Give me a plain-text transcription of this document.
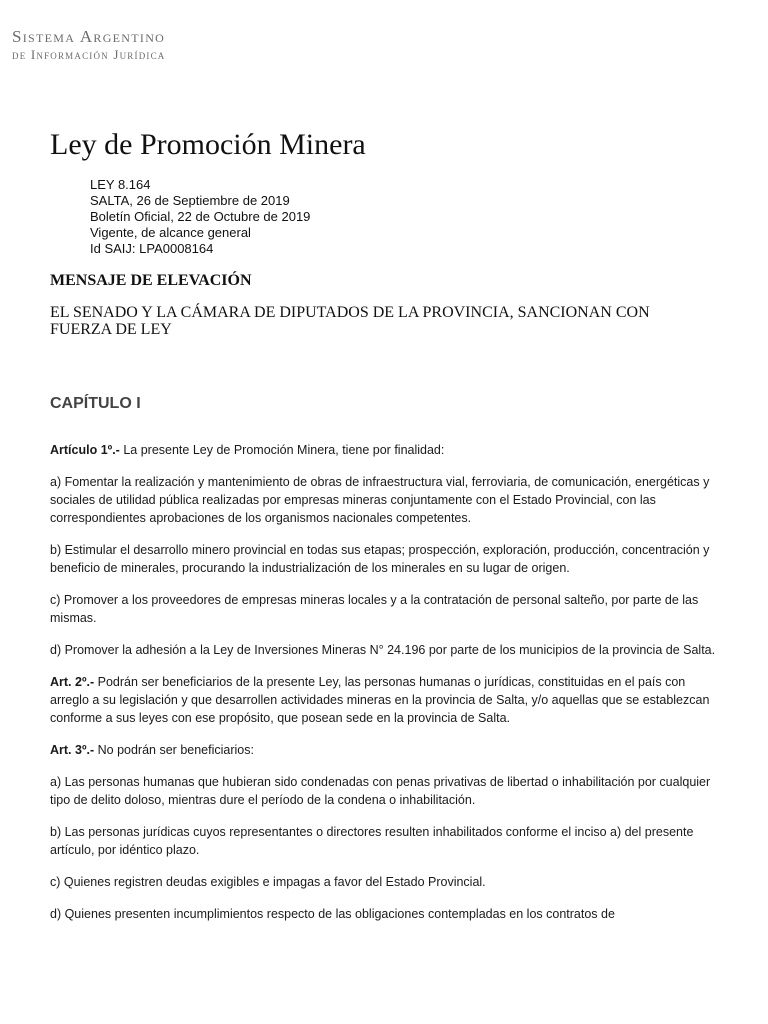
Sistema Argentino
de Información Jurídica
Ley de Promoción Minera
LEY 8.164
SALTA, 26 de Septiembre de 2019
Boletín Oficial, 22 de Octubre de 2019
Vigente, de alcance general
Id SAIJ: LPA0008164
MENSAJE DE ELEVACIÓN

EL SENADO Y LA CÁMARA DE DIPUTADOS DE LA PROVINCIA, SANCIONAN CON FUERZA DE LEY

CAPÍTULO I

Artículo 1º.- La presente Ley de Promoción Minera, tiene por finalidad:

a) Fomentar la realización y mantenimiento de obras de infraestructura vial, ferroviaria, de comunicación, energéticas y sociales de utilidad pública realizadas por empresas mineras conjuntamente con el Estado Provincial, con las correspondientes aprobaciones de los organismos nacionales competentes.

b) Estimular el desarrollo minero provincial en todas sus etapas; prospección, exploración, producción, concentración y beneficio de minerales, procurando la industrialización de los minerales en su lugar de origen.

c) Promover a los proveedores de empresas mineras locales y a la contratación de personal salteño, por parte de las mismas.

d) Promover la adhesión a la Ley de Inversiones Mineras N° 24.196 por parte de los municipios de la provincia de Salta.

Art. 2º.- Podrán ser beneficiarios de la presente Ley, las personas humanas o jurídicas, constituidas en el país con arreglo a su legislación y que desarrollen actividades mineras en la provincia de Salta, y/o aquellas que se establezcan conforme a sus leyes con ese propósito, que posean sede en la provincia de Salta.

Art. 3º.- No podrán ser beneficiarios:

a) Las personas humanas que hubieran sido condenadas con penas privativas de libertad o inhabilitación por cualquier tipo de delito doloso, mientras dure el período de la condena o inhabilitación.

b) Las personas jurídicas cuyos representantes o directores resulten inhabilitados conforme el inciso a) del presente artículo, por idéntico plazo.

c) Quienes registren deudas exigibles e impagas a favor del Estado Provincial.

d) Quienes presenten incumplimientos respecto de las obligaciones contempladas en los contratos de
